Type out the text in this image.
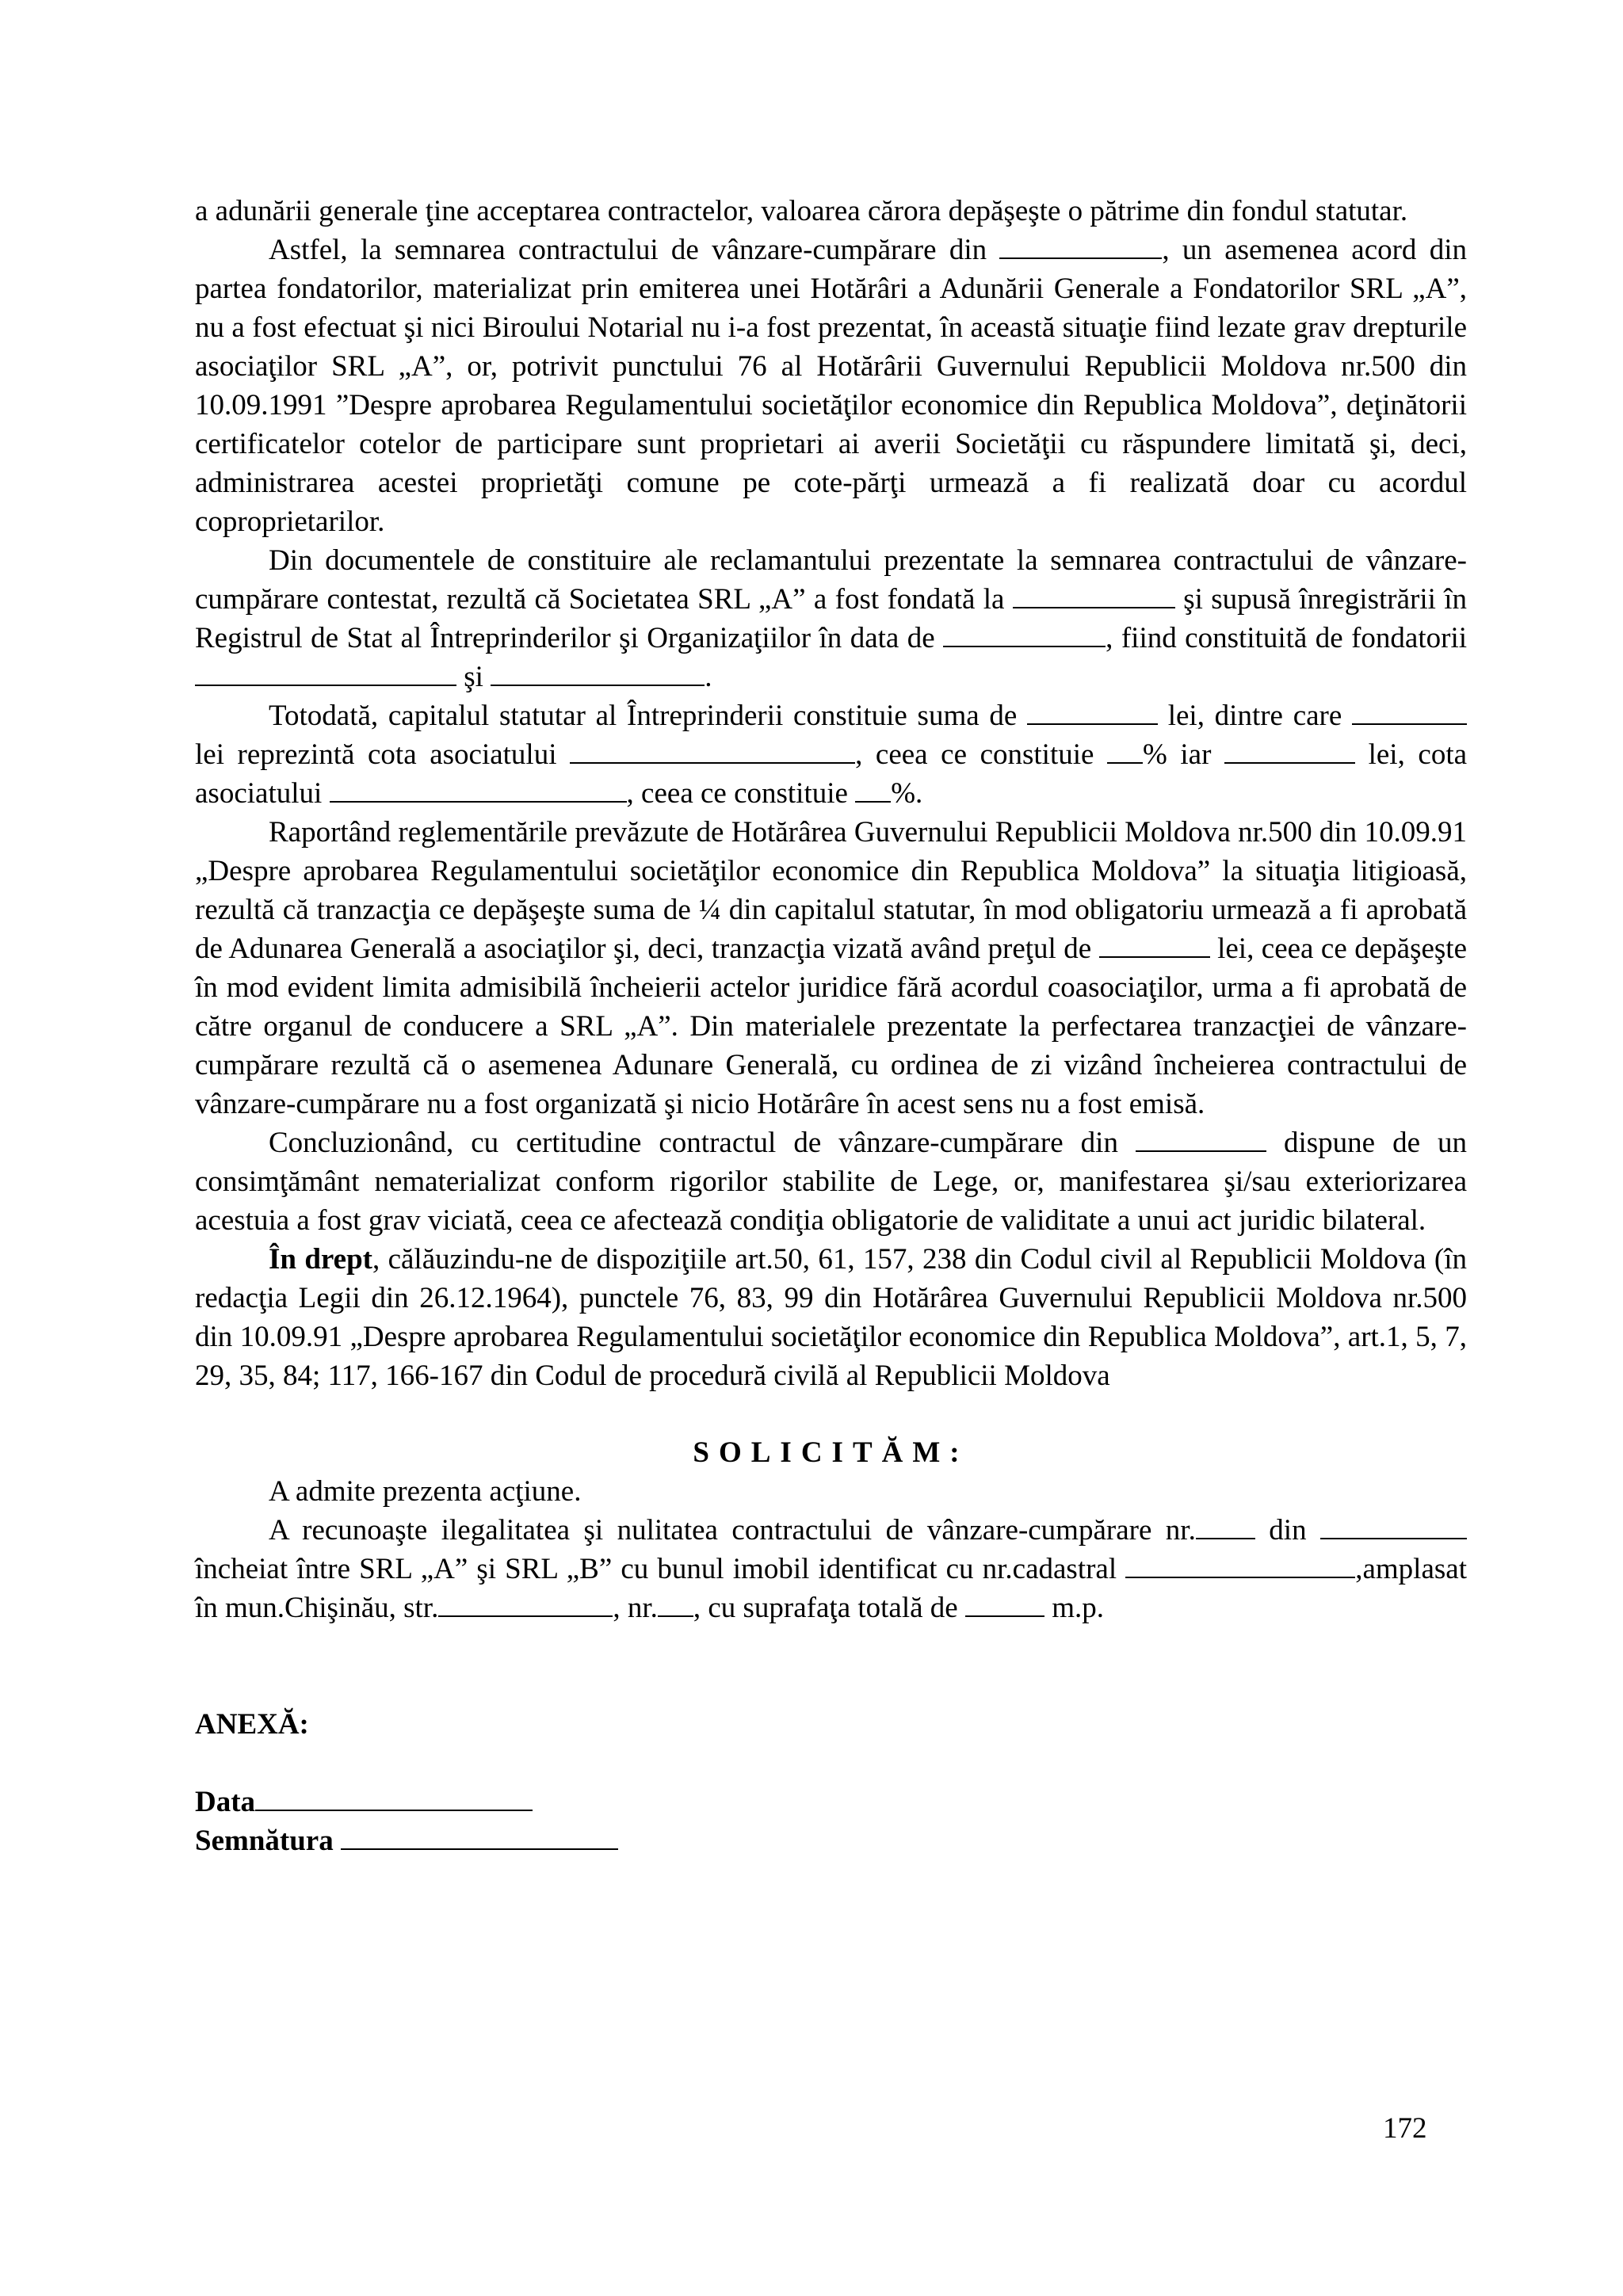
a adunării generale ţine acceptarea contractelor, valoarea cărora depăşeşte o pătrime din fondul statutar.

Astfel, la semnarea contractului de vânzare-cumpărare din	, un asemenea acord din partea fondatorilor, materializat prin emiterea unei Hotărâri a Adunării Generale a Fondatorilor SRL „A”, nu a fost efectuat şi nici Biroului Notarial nu i-a fost prezentat, în această situaţie fiind lezate grav drepturile asociaţilor SRL „A”, or, potrivit punctului 76 al Hotărârii Guvernului Republicii Moldova nr.500 din 10.09.1991 ”Despre aprobarea Regulamentului societăţilor economice din Republica Moldova”, deţinătorii certificatelor cotelor de participare sunt proprietari ai averii Societăţii cu răspundere limitată şi, deci, administrarea acestei proprietăţi comune pe cote-părţi urmează a fi realizată doar cu acordul coproprietarilor.

Din documentele de constituire ale reclamantului prezentate la semnarea contractului de vânzare-cumpărare contestat, rezultă că Societatea SRL „A” a fost fondată la	şi supusă înregistrării în Registrul de Stat al Întreprinderilor şi Organizaţiilor în data de	, fiind constituită de fondatorii  şi	.

Totodată, capitalul statutar al Întreprinderii constituie suma de	lei, dintre care  lei reprezintă cota asociatului	, ceea ce constituie % iar	lei, cota asociatului	, ceea ce constituie %.

Raportând reglementările prevăzute de Hotărârea Guvernului Republicii Moldova nr.500 din 10.09.91 „Despre aprobarea Regulamentului societăţilor economice din Republica Moldova” la situaţia litigioasă, rezultă că tranzacţia ce depăşeşte suma de ¼ din capitalul statutar, în mod obligatoriu urmează a fi aprobată de Adunarea Generală a asociaţilor şi, deci, tranzacţia vizată având preţul de	lei, ceea ce depăşeşte în mod evident limita admisibilă încheierii actelor juridice fără acordul coasociaţilor, urma a fi aprobată de către organul de conducere a SRL „A”. Din materialele prezentate la perfectarea tranzacţiei de vânzare-cumpărare rezultă că o asemenea Adunare Generală, cu ordinea de zi vizând încheierea contractului de vânzare-cumpărare nu a fost organizată şi nicio Hotărâre în acest sens nu a fost emisă.

Concluzionând, cu certitudine contractul de vânzare-cumpărare din	dispune de un consimţământ nematerializat conform rigorilor stabilite de Lege, or, manifestarea şi/sau exteriorizarea acestuia a fost grav viciată, ceea ce afectează condiţia obligatorie de validitate a unui act juridic bilateral.

În drept, călăuzindu-ne de dispoziţiile art.50, 61, 157, 238 din Codul civil al Republicii Moldova (în redacţia Legii din 26.12.1964), punctele 76, 83, 99 din Hotărârea Guvernului Republicii Moldova nr.500 din 10.09.91 „Despre aprobarea Regulamentului societăţilor economice din Republica Moldova”, art.1, 5, 7, 29, 35, 84; 117, 166-167 din Codul de procedură civilă al Republicii Moldova

SOLICITĂM:

A admite prezenta acţiune.

A recunoaşte ilegalitatea şi nulitatea contractului de vânzare-cumpărare nr. din  încheiat între SRL „A” şi SRL „B” cu bunul imobil identificat cu nr.cadastral	,amplasat în mun.Chişinău, str.	, nr. , cu suprafaţa totală de	m.p.

ANEXĂ:

Data

Semnătura

172
